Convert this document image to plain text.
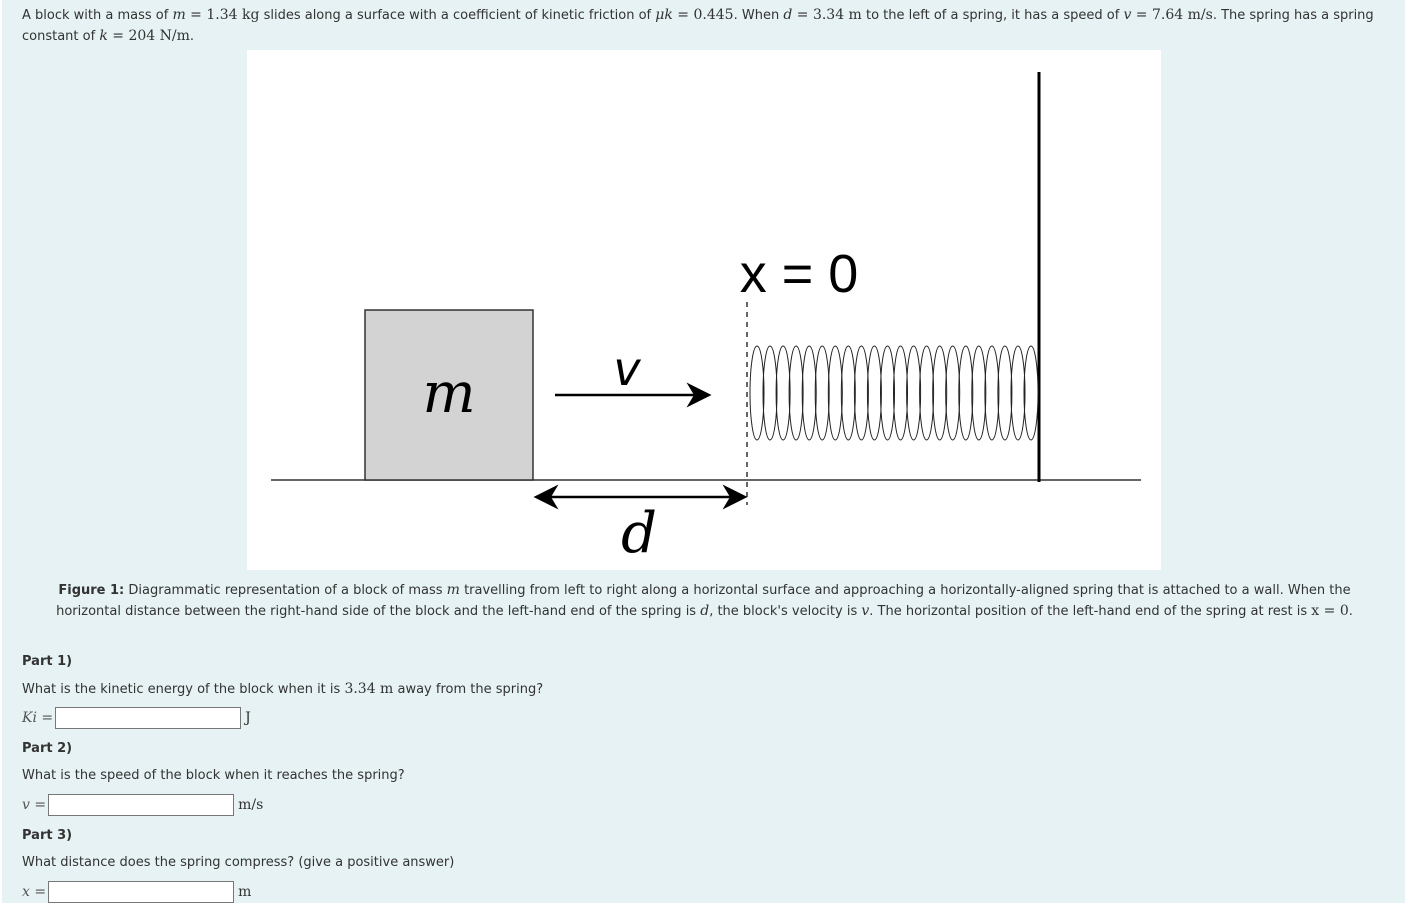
A block with a mass of m = 1.34 kg slides along a surface with a coefficient of kinetic friction of μk = 0.445. When d = 3.34 m to the left of a spring, it has a speed of v = 7.64 m/s. The spring has a spring constant of k = 204 N/m.
m	v
x = 0
d
Figure 1: Diagrammatic representation of a block of mass m travelling from left to right along a horizontal surface and approaching a horizontally-aligned spring that is attached to a wall. When the horizontal distance between the right-hand side of the block and the left-hand end of the spring is d, the block's velocity is v. The horizontal position of the left-hand end of the spring at rest is x = 0.
Part 1)
What is the kinetic energy of the block when it is 3.34 m away from the spring?
Ki =	J
Part 2)
What is the speed of the block when it reaches the spring?
v =	m/s
Part 3)
What distance does the spring compress? (give a positive answer)
x =	m
